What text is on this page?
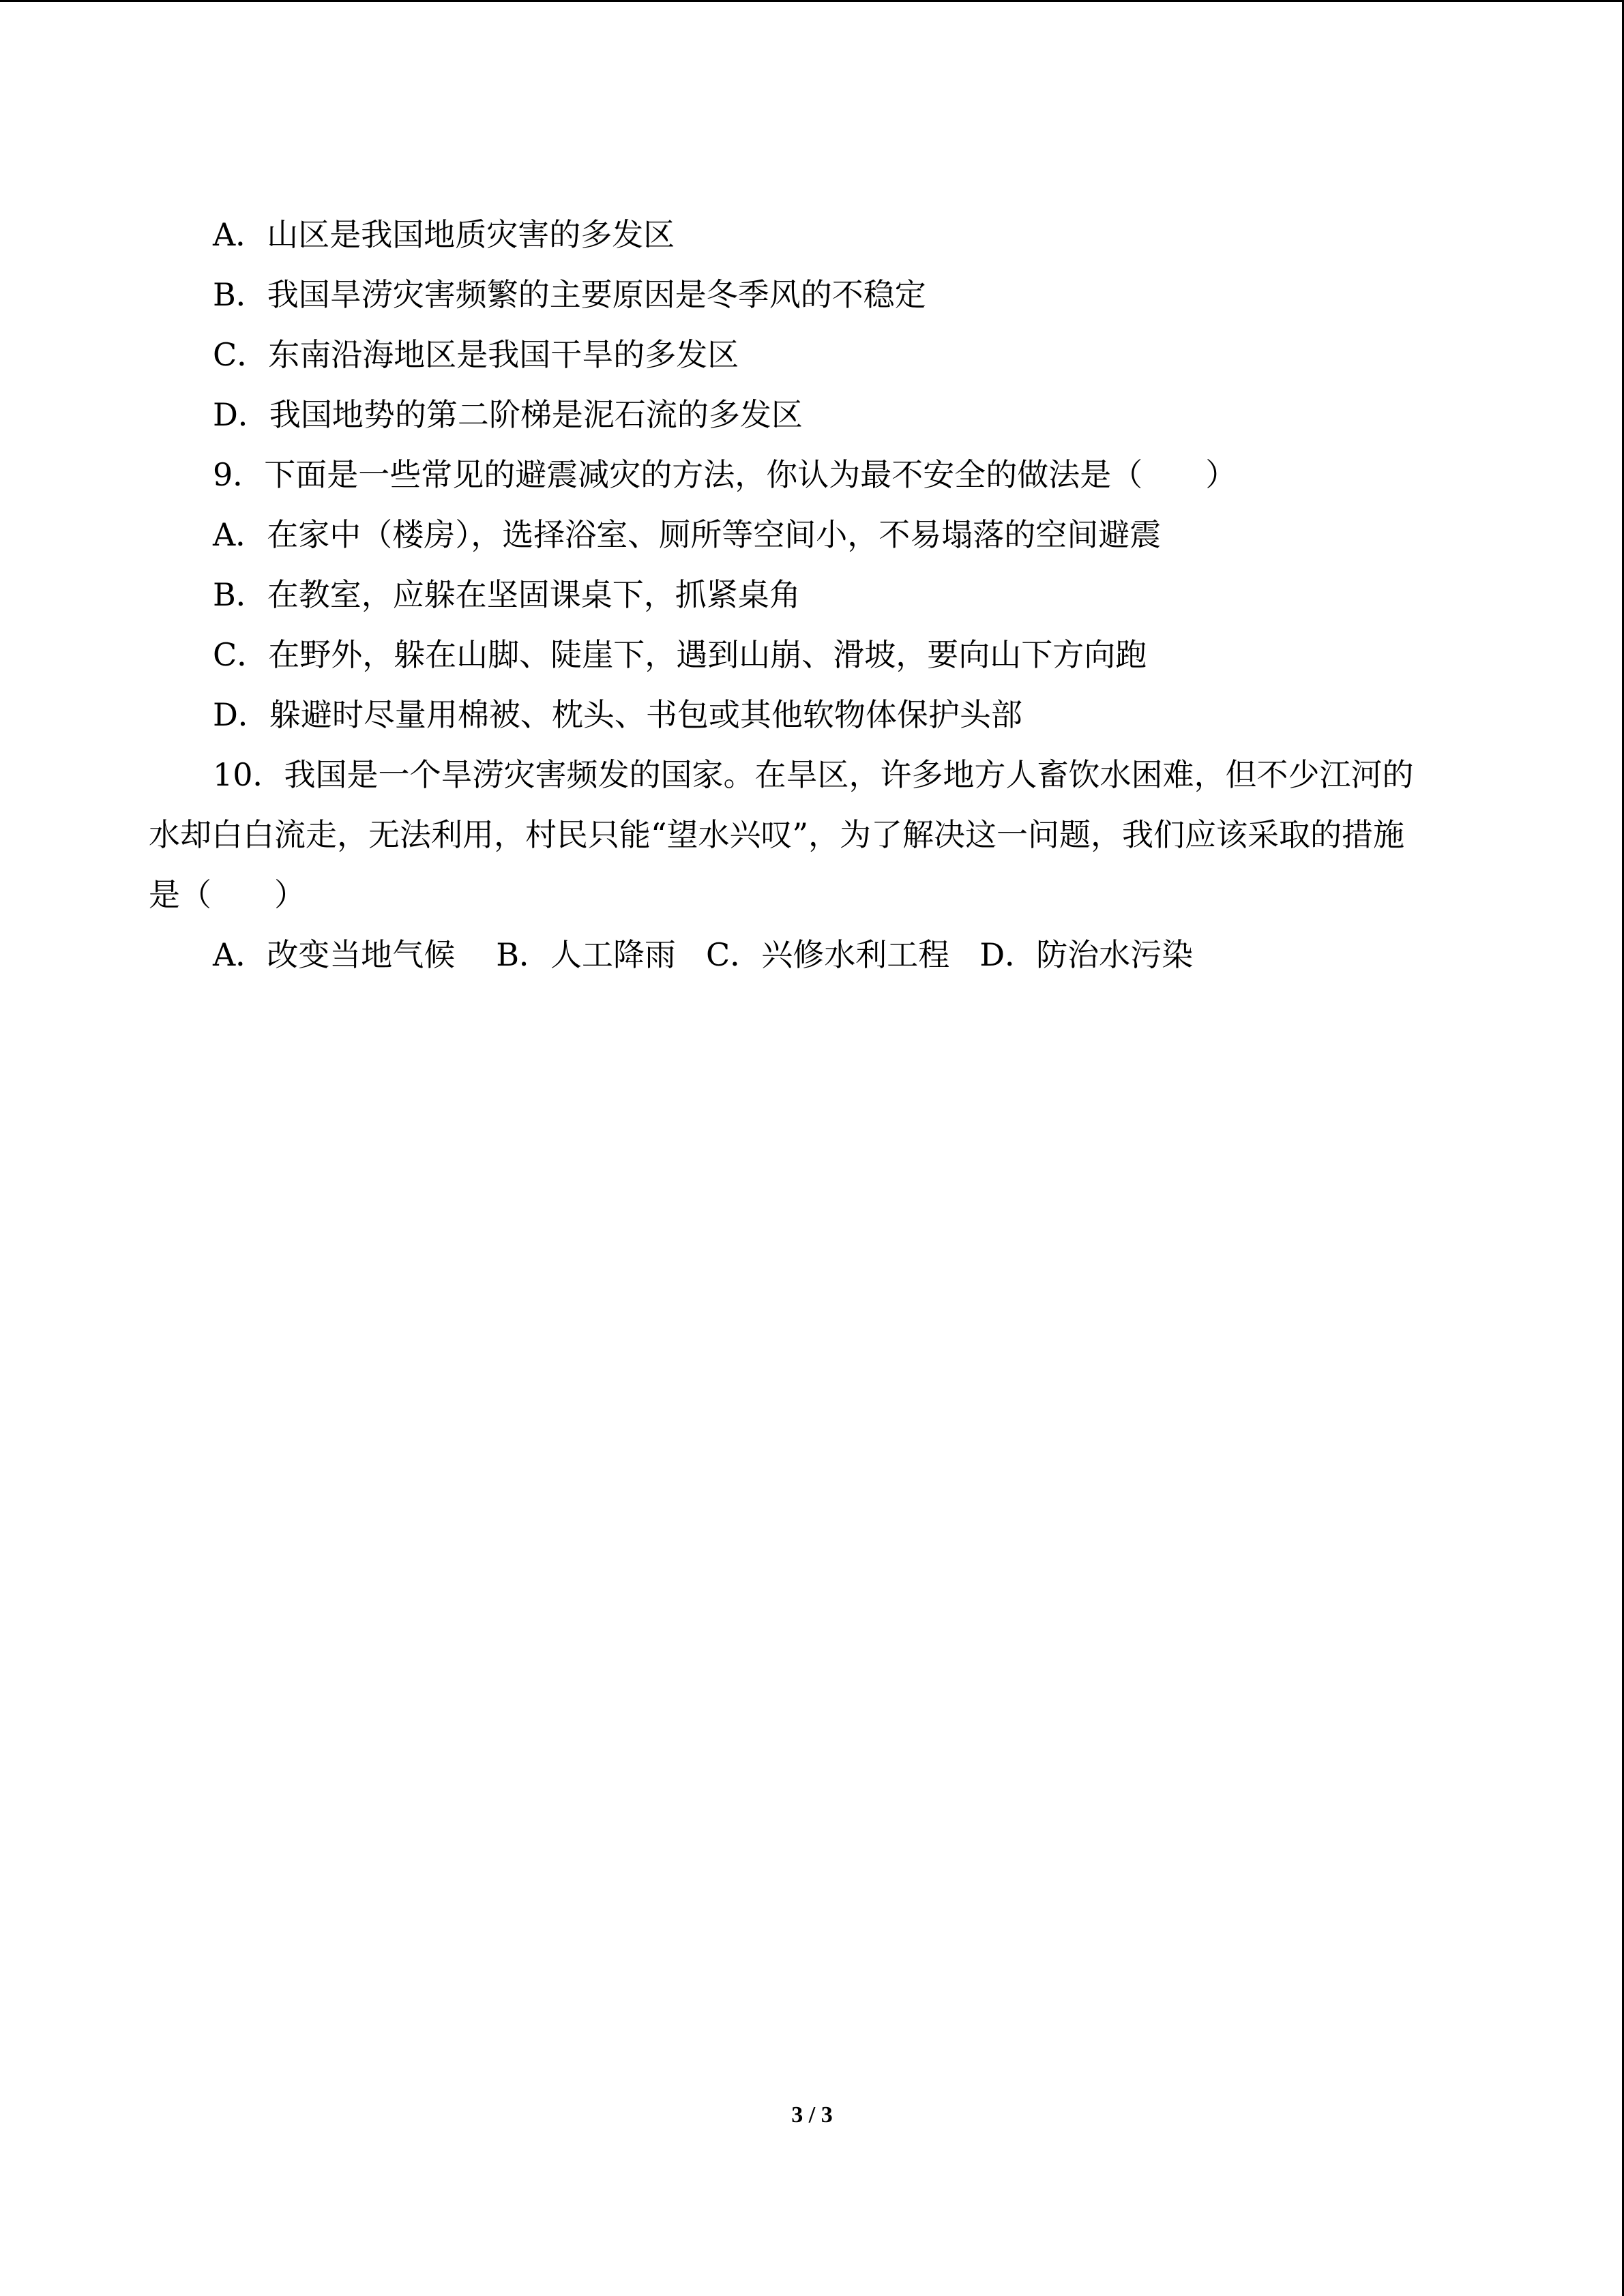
A．山区是我国地质灾害的多发区
B．我国旱涝灾害频繁的主要原因是冬季风的不稳定
C．东南沿海地区是我国干旱的多发区
D．我国地势的第二阶梯是泥石流的多发区
9．下面是一些常见的避震减灾的方法，你认为最不安全的做法是（　　）
A．在家中（楼房），选择浴室、厕所等空间小，不易塌落的空间避震
B．在教室，应躲在坚固课桌下，抓紧桌角
C．在野外，躲在山脚、陡崖下，遇到山崩、滑坡，要向山下方向跑
D．躲避时尽量用棉被、枕头、书包或其他软物体保护头部
10．我国是一个旱涝灾害频发的国家。在旱区，许多地方人畜饮水困难，但不少江河的
水却白白流走，无法利用，村民只能“望水兴叹”，为了解决这一问题，我们应该采取的措施
是（　　）
A．改变当地气候 B．人工降雨 C．兴修水利工程 D．防治水污染
3 / 3
